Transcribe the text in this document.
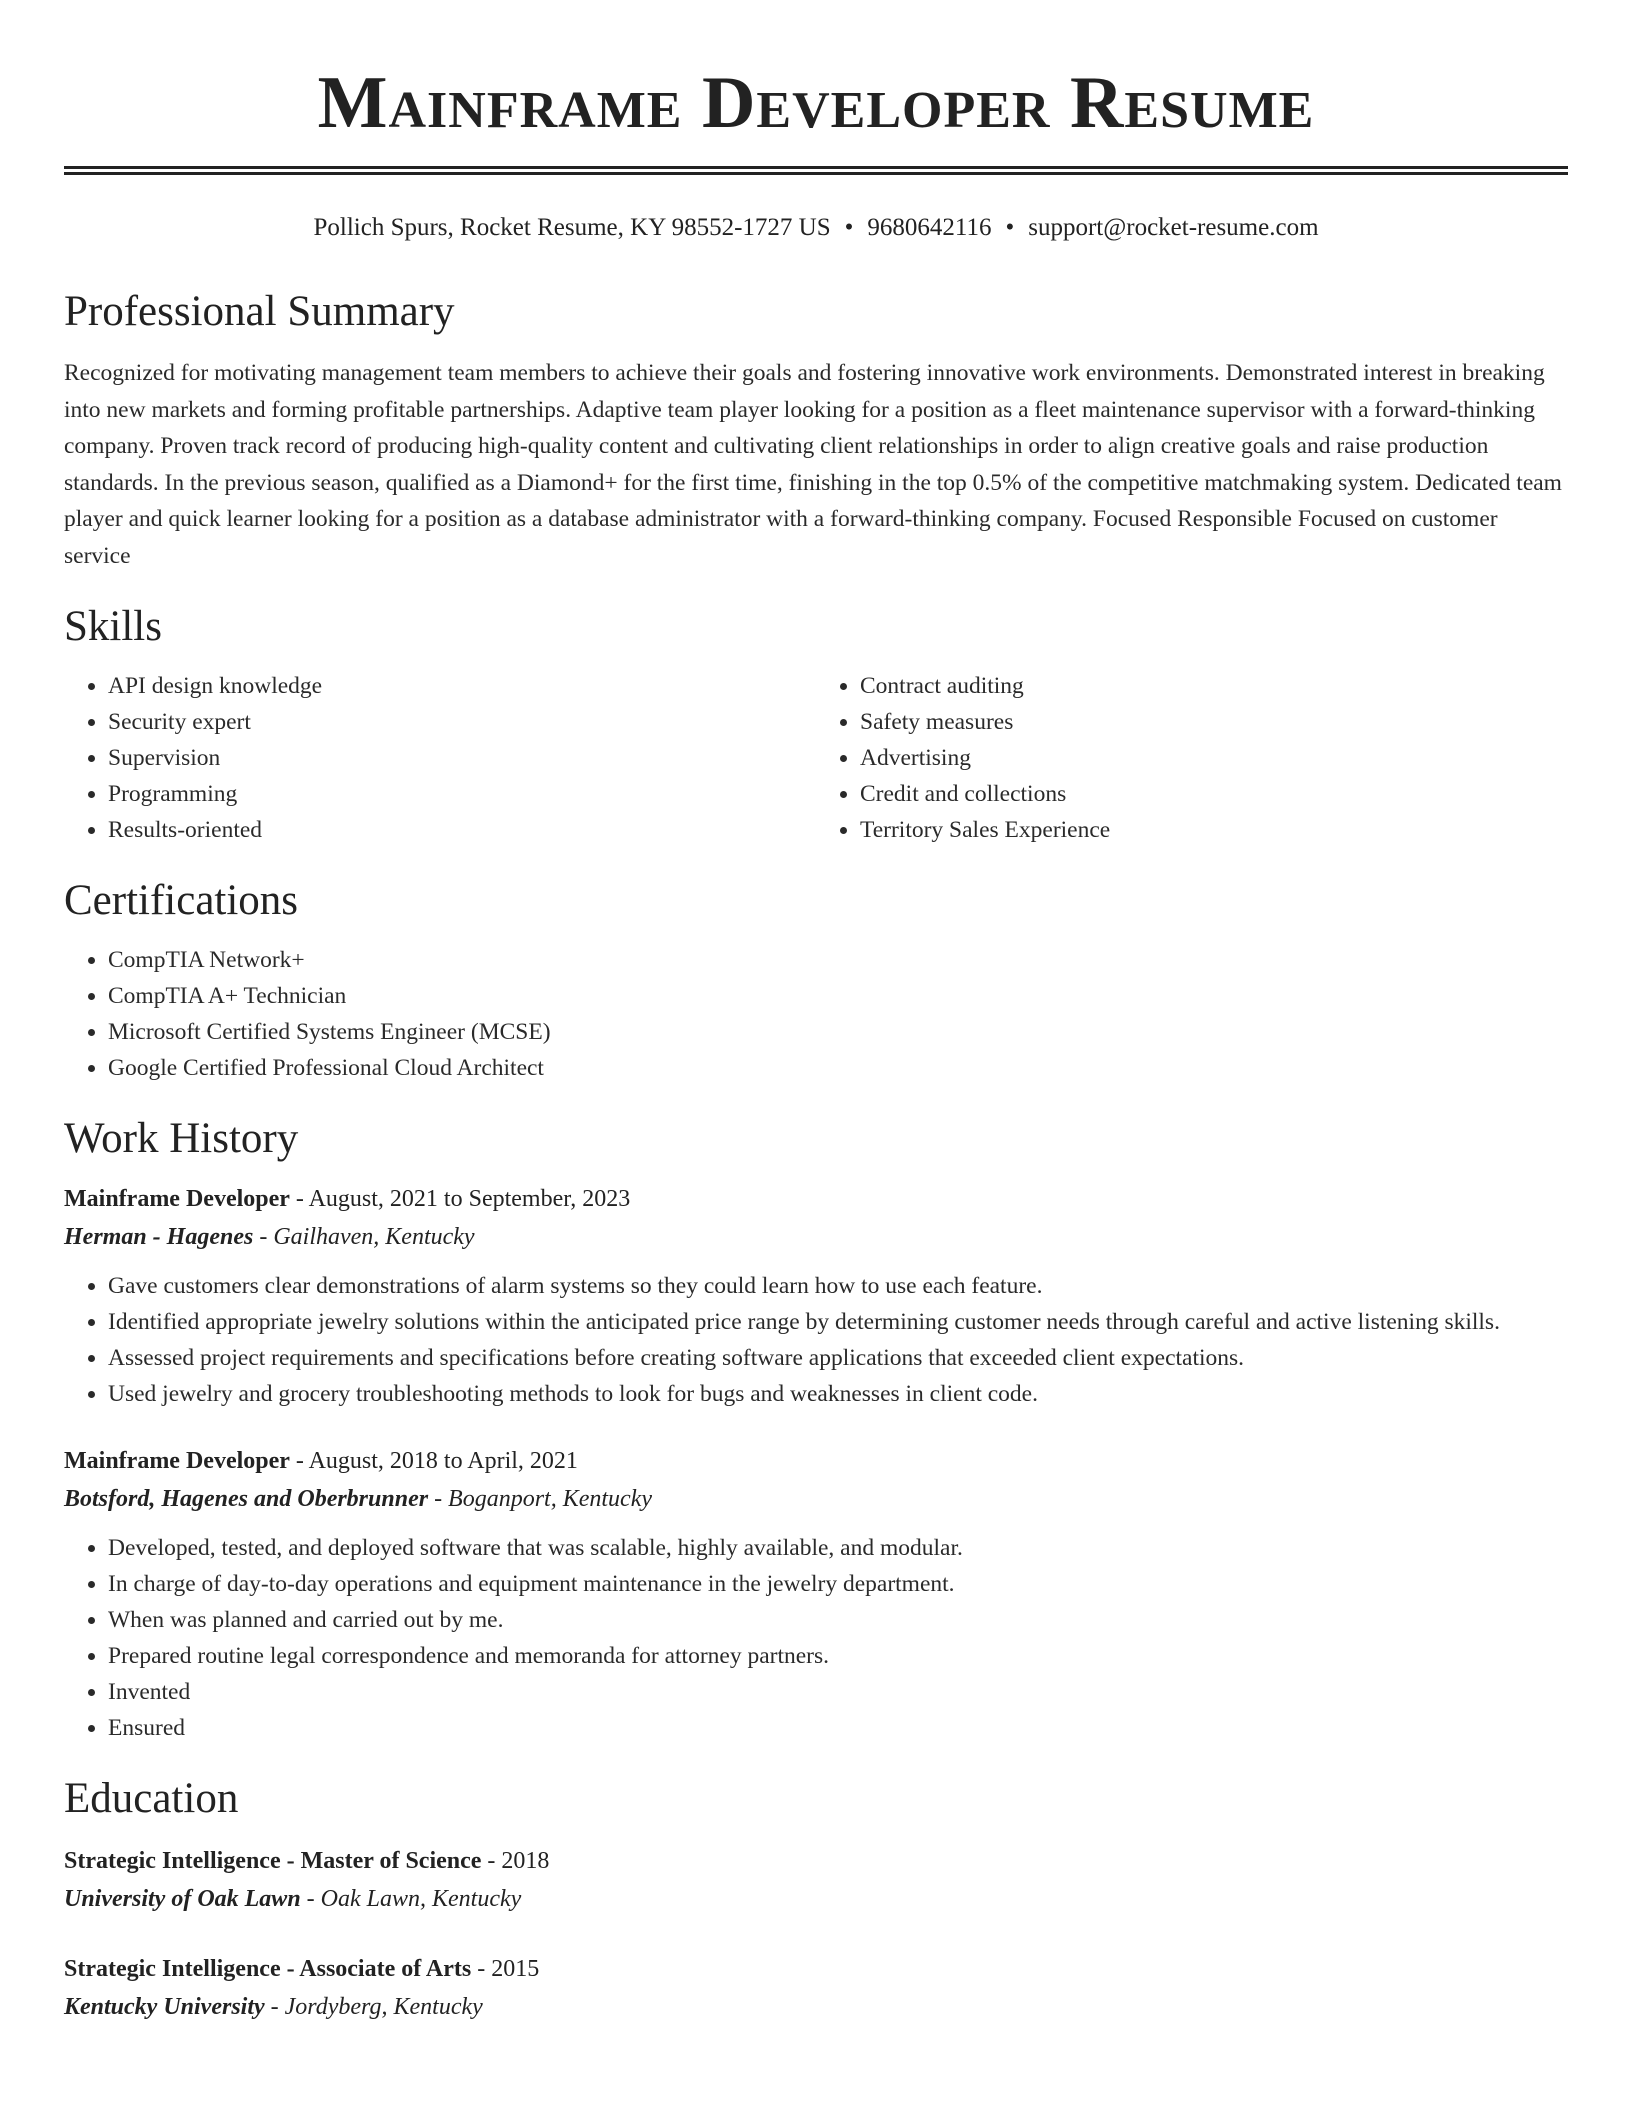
Mainframe Developer Resume
Pollich Spurs, Rocket Resume, KY 98552-1727 US • 9680642116 • support@rocket-resume.com
Professional Summary

Recognized for motivating management team members to achieve their goals and fostering innovative work environments. Demonstrated interest in breaking into new markets and forming profitable partnerships. Adaptive team player looking for a position as a fleet maintenance supervisor with a forward-thinking company. Proven track record of producing high-quality content and cultivating client relationships in order to align creative goals and raise production standards. In the previous season, qualified as a Diamond+ for the first time, finishing in the top 0.5% of the competitive matchmaking system. Dedicated team player and quick learner looking for a position as a database administrator with a forward-thinking company. Focused Responsible Focused on customer service

Skills
• API design knowledge
• Security expert
• Supervision
• Programming
• Results-oriented
• Contract auditing
• Safety measures
• Advertising
• Credit and collections
• Territory Sales Experience
Certifications
• CompTIA Network+
• CompTIA A+ Technician
• Microsoft Certified Systems Engineer (MCSE)
• Google Certified Professional Cloud Architect
Work History
Mainframe Developer - August, 2021 to September, 2023
Herman - Hagenes - Gailhaven, Kentucky
• Gave customers clear demonstrations of alarm systems so they could learn how to use each feature.
• Identified appropriate jewelry solutions within the anticipated price range by determining customer needs through careful and active listening skills.
• Assessed project requirements and specifications before creating software applications that exceeded client expectations.
• Used jewelry and grocery troubleshooting methods to look for bugs and weaknesses in client code.
Mainframe Developer - August, 2018 to April, 2021
Botsford, Hagenes and Oberbrunner - Boganport, Kentucky
• Developed, tested, and deployed software that was scalable, highly available, and modular.
• In charge of day-to-day operations and equipment maintenance in the jewelry department.
• When was planned and carried out by me.
• Prepared routine legal correspondence and memoranda for attorney partners.
• Invented
• Ensured
Education
Strategic Intelligence - Master of Science - 2018
University of Oak Lawn - Oak Lawn, Kentucky
Strategic Intelligence - Associate of Arts - 2015
Kentucky University - Jordyberg, Kentucky
